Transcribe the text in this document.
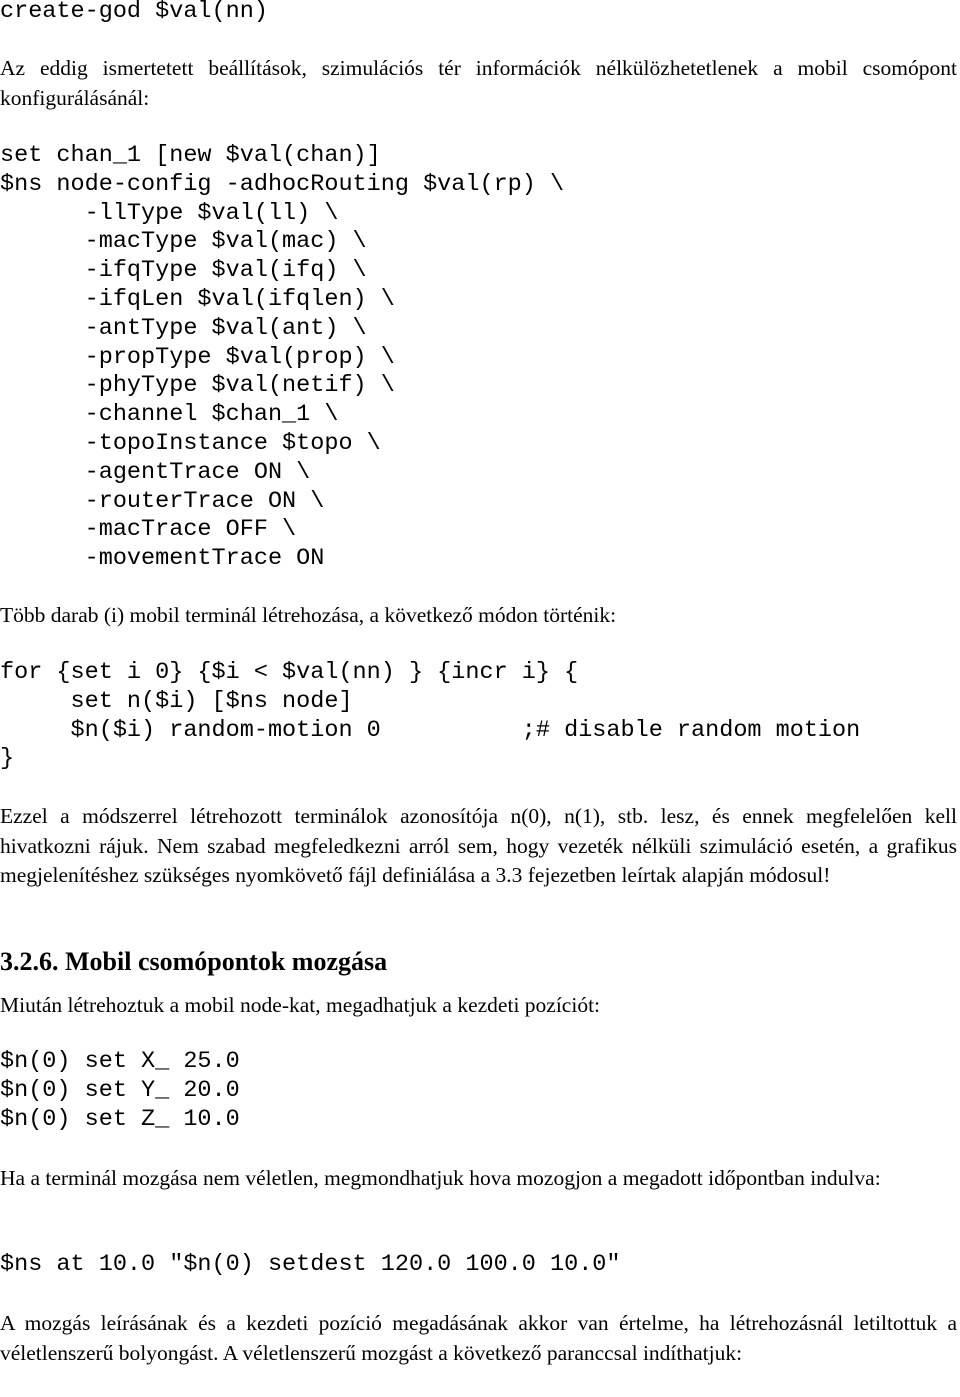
create-god $val(nn)

Az eddig ismertetett beállítások, szimulációs tér információk nélkülözhetetlenek a mobil csomópont konfigurálásánál:

set chan_1 [new $val(chan)]
$ns node-config -adhocRouting $val(rp) \
-llType $val(ll) \
-macType $val(mac) \
-ifqType $val(ifq) \
-ifqLen $val(ifqlen) \
-antType $val(ant) \
-propType $val(prop) \
-phyType $val(netif) \
-channel $chan_1 \
-topoInstance $topo \
-agentTrace ON \
-routerTrace ON \
-macTrace OFF \
-movementTrace ON

Több darab (i) mobil terminál létrehozása, a következő módon történik:

for {set i 0} {$i < $val(nn) } {incr i} {
set n($i) [$ns node]
$n($i) random-motion 0          ;# disable random motion
}

Ezzel a módszerrel létrehozott terminálok azonosítója n(0), n(1), stb. lesz, és ennek megfelelően kell hivatkozni rájuk. Nem szabad megfeledkezni arról sem, hogy vezeték nélküli szimuláció esetén, a grafikus megjelenítéshez szükséges nyomkövető fájl definiálása a 3.3 fejezetben leírtak alapján módosul!

3.2.6. Mobil csomópontok mozgása

Miután létrehoztuk a mobil node-kat, megadhatjuk a kezdeti pozíciót:

$n(0) set X_ 25.0
$n(0) set Y_ 20.0
$n(0) set Z_ 10.0

Ha a terminál mozgása nem véletlen, megmondhatjuk hova mozogjon a megadott időpontban indulva:

$ns at 10.0 "$n(0) setdest 120.0 100.0 10.0"

A mozgás leírásának és a kezdeti pozíció megadásának akkor van értelme, ha létrehozásnál letiltottuk a véletlenszerű bolyongást. A véletlenszerű mozgást a következő paranccsal indíthatjuk:
